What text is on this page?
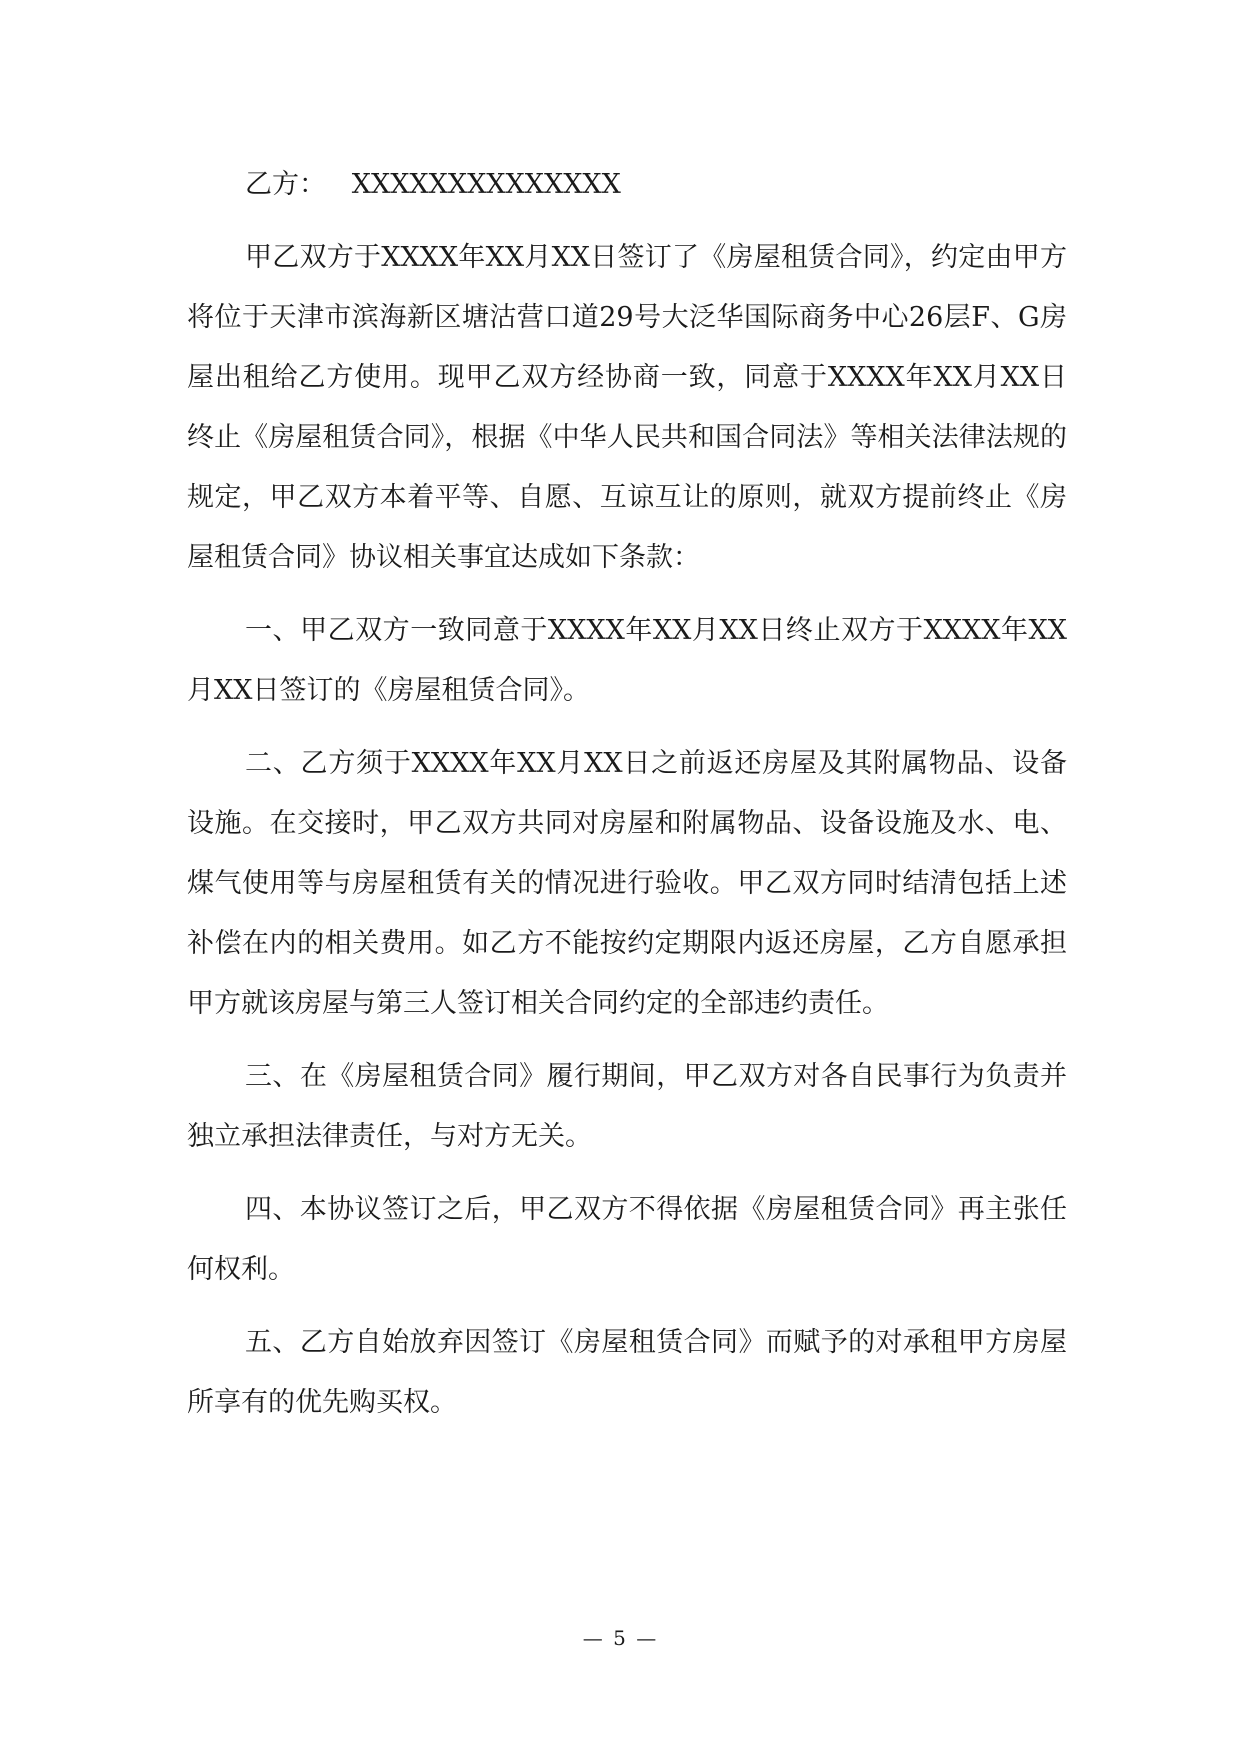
乙方： XXXXXXXXXXXXXX

甲乙双方于XXXX年XX月XX日签订了《房屋租赁合同》，约定由甲方将位于天津市滨海新区塘沽营口道29号大泛华国际商务中心26层F、G房屋出租给乙方使用。现甲乙双方经协商一致，同意于XXXX年XX月XX日终止《房屋租赁合同》，根据《中华人民共和国合同法》等相关法律法规的规定，甲乙双方本着平等、自愿、互谅互让的原则，就双方提前终止《房屋租赁合同》协议相关事宜达成如下条款：

一、甲乙双方一致同意于XXXX年XX月XX日终止双方于XXXX年XX月XX日签订的《房屋租赁合同》。

二、乙方须于XXXX年XX月XX日之前返还房屋及其附属物品、设备设施。在交接时，甲乙双方共同对房屋和附属物品、设备设施及水、电、煤气使用等与房屋租赁有关的情况进行验收。甲乙双方同时结清包括上述补偿在内的相关费用。如乙方不能按约定期限内返还房屋，乙方自愿承担甲方就该房屋与第三人签订相关合同约定的全部违约责任。

三、在《房屋租赁合同》履行期间，甲乙双方对各自民事行为负责并独立承担法律责任，与对方无关。

四、本协议签订之后，甲乙双方不得依据《房屋租赁合同》再主张任何权利。

五、乙方自始放弃因签订《房屋租赁合同》而赋予的对承租甲方房屋所享有的优先购买权。

— 5 —
